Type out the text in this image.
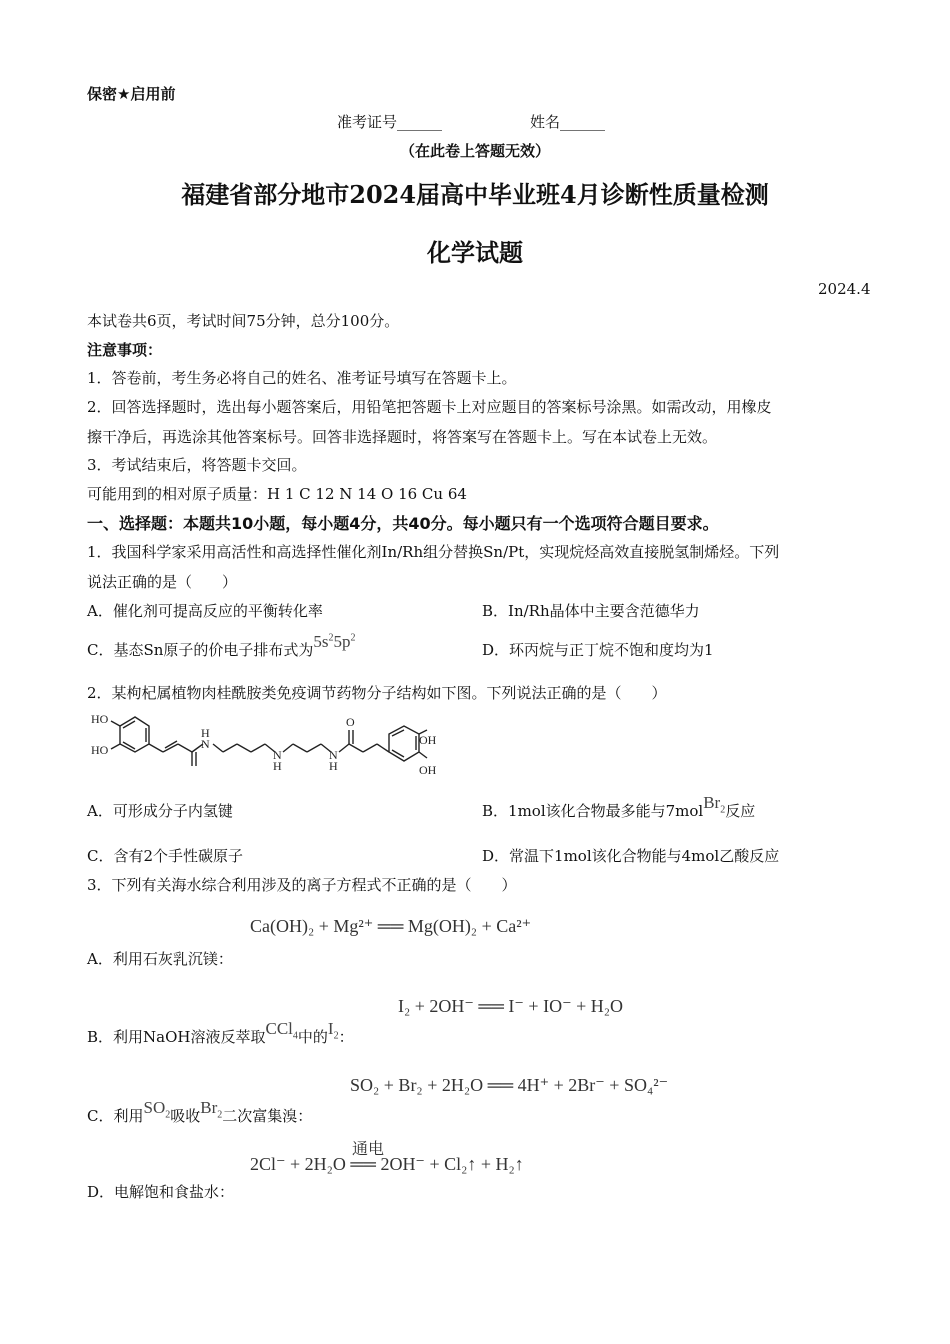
保密★启用前
准考证号______	姓名______
（在此卷上答题无效）
福建省部分地市2024届高中毕业班4月诊断性质量检测
化学试题
2024.4
本试卷共6页，考试时间75分钟，总分100分。
注意事项：
1．答卷前，考生务必将自己的姓名、准考证号填写在答题卡上。
2．回答选择题时，选出每小题答案后，用铅笔把答题卡上对应题目的答案标号涂黑。如需改动，用橡皮
擦干净后，再选涂其他答案标号。回答非选择题时，将答案写在答题卡上。写在本试卷上无效。
3．考试结束后，将答题卡交回。
可能用到的相对原子质量：H 1 C 12 N 14 O 16 Cu 64
一、选择题：本题共10小题，每小题4分，共40分。每小题只有一个选项符合题目要求。
1．我国科学家采用高活性和高选择性催化剂In/Rh组分替换Sn/Pt，实现烷烃高效直接脱氢制烯烃。下列
说法正确的是（　　）
A．催化剂可提高反应的平衡转化率	B．In/Rh晶体中主要含范德华力
C．基态Sn原子的价电子排布式为$5s^25p^2$
D．环丙烷与正丁烷不饱和度均为1
2．某枸杞属植物肉桂酰胺类免疫调节药物分子结构如下图。下列说法正确的是（　　）
HO
HO	N
H
N
H
N
H
O
OH
OH
A．可形成分子内氢键	B．1mol该化合物最多能与7molBr$_2$反应
C．含有2个手性碳原子	D．常温下1mol该化合物能与4mol乙酸反应
3．下列有关海水综合利用涉及的离子方程式不正确的是（　　）
Ca(OH)₂ + Mg²⁺ ══ Mg(OH)₂ + Ca²⁺
A．利用石灰乳沉镁：
I₂ + 2OH⁻ ══ I⁻ + IO⁻ + H₂O
B．利用NaOH溶液反萃取CCl$_4$中的$I_2$：
SO₂ + Br₂ + 2H₂O ══ 4H⁺ + 2Br⁻ + SO₄²⁻
C．利用$SO_2$吸收$Br_2$二次富集溴：
通电
2Cl⁻ + 2H₂O ══ 2OH⁻ + Cl₂↑ + H₂↑
D．电解饱和食盐水：
